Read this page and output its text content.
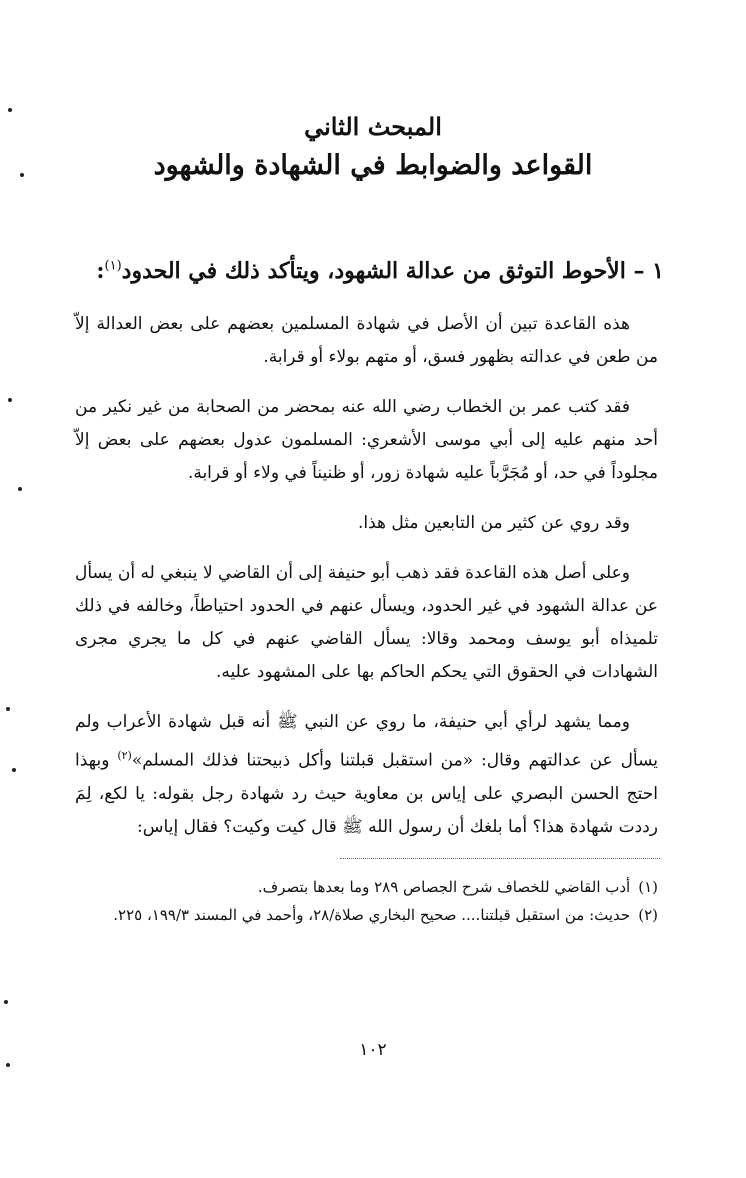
المبحث الثاني
القواعد والضوابط في الشهادة والشهود
١ – الأحوط التوثق من عدالة الشهود، ويتأكد ذلك في الحدود$^{(١)}$:

هذه القاعدة تبين أن الأصل في شهادة المسلمين بعضهم على بعض العدالة إلاّ من طعن في عدالته بظهور فسق، أو متهم بولاء أو قرابة.

فقد كتب عمر بن الخطاب رضي الله عنه بمحضر من الصحابة من غير نكير من أحد منهم عليه إلى أبي موسى الأشعري: المسلمون عدول بعضهم على بعض إلاّ مجلوداً في حد، أو مُجَرَّباً عليه شهادة زور، أو ظنيناً في ولاء أو قرابة.

وقد روي عن كثير من التابعين مثل هذا.

وعلى أصل هذه القاعدة فقد ذهب أبو حنيفة إلى أن القاضي لا ينبغي له أن يسأل عن عدالة الشهود في غير الحدود، ويسأل عنهم في الحدود احتياطاً، وخالفه في ذلك تلميذاه أبو يوسف ومحمد وقالا: يسأل القاضي عنهم في كل ما يجري مجرى الشهادات في الحقوق التي يحكم الحاكم بها على المشهود عليه.

ومما يشهد لرأي أبي حنيفة، ما روي عن النبي ﷺ أنه قبل شهادة الأعراب ولم يسأل عن عدالتهم وقال: «من استقبل قبلتنا وأكل ذبيحتنا فذلك المسلم»$^{(٢)}$ وبهذا احتج الحسن البصري على إياس بن معاوية حيث رد شهادة رجل بقوله: يا لكع، لِمَ رددت شهادة هذا؟ أما بلغك أن رسول الله ﷺ قال كيت وكيت؟ فقال إياس:

(١)
أدب القاضي للخصاف شرح الجصاص ٢٨٩ وما بعدها بتصرف.

(٢)
حديث: من استقبل قبلتنا.... صحيح البخاري صلاة/٢٨، وأحمد في المسند ١٩٩/٣، ٢٢٥.

١٠٢
